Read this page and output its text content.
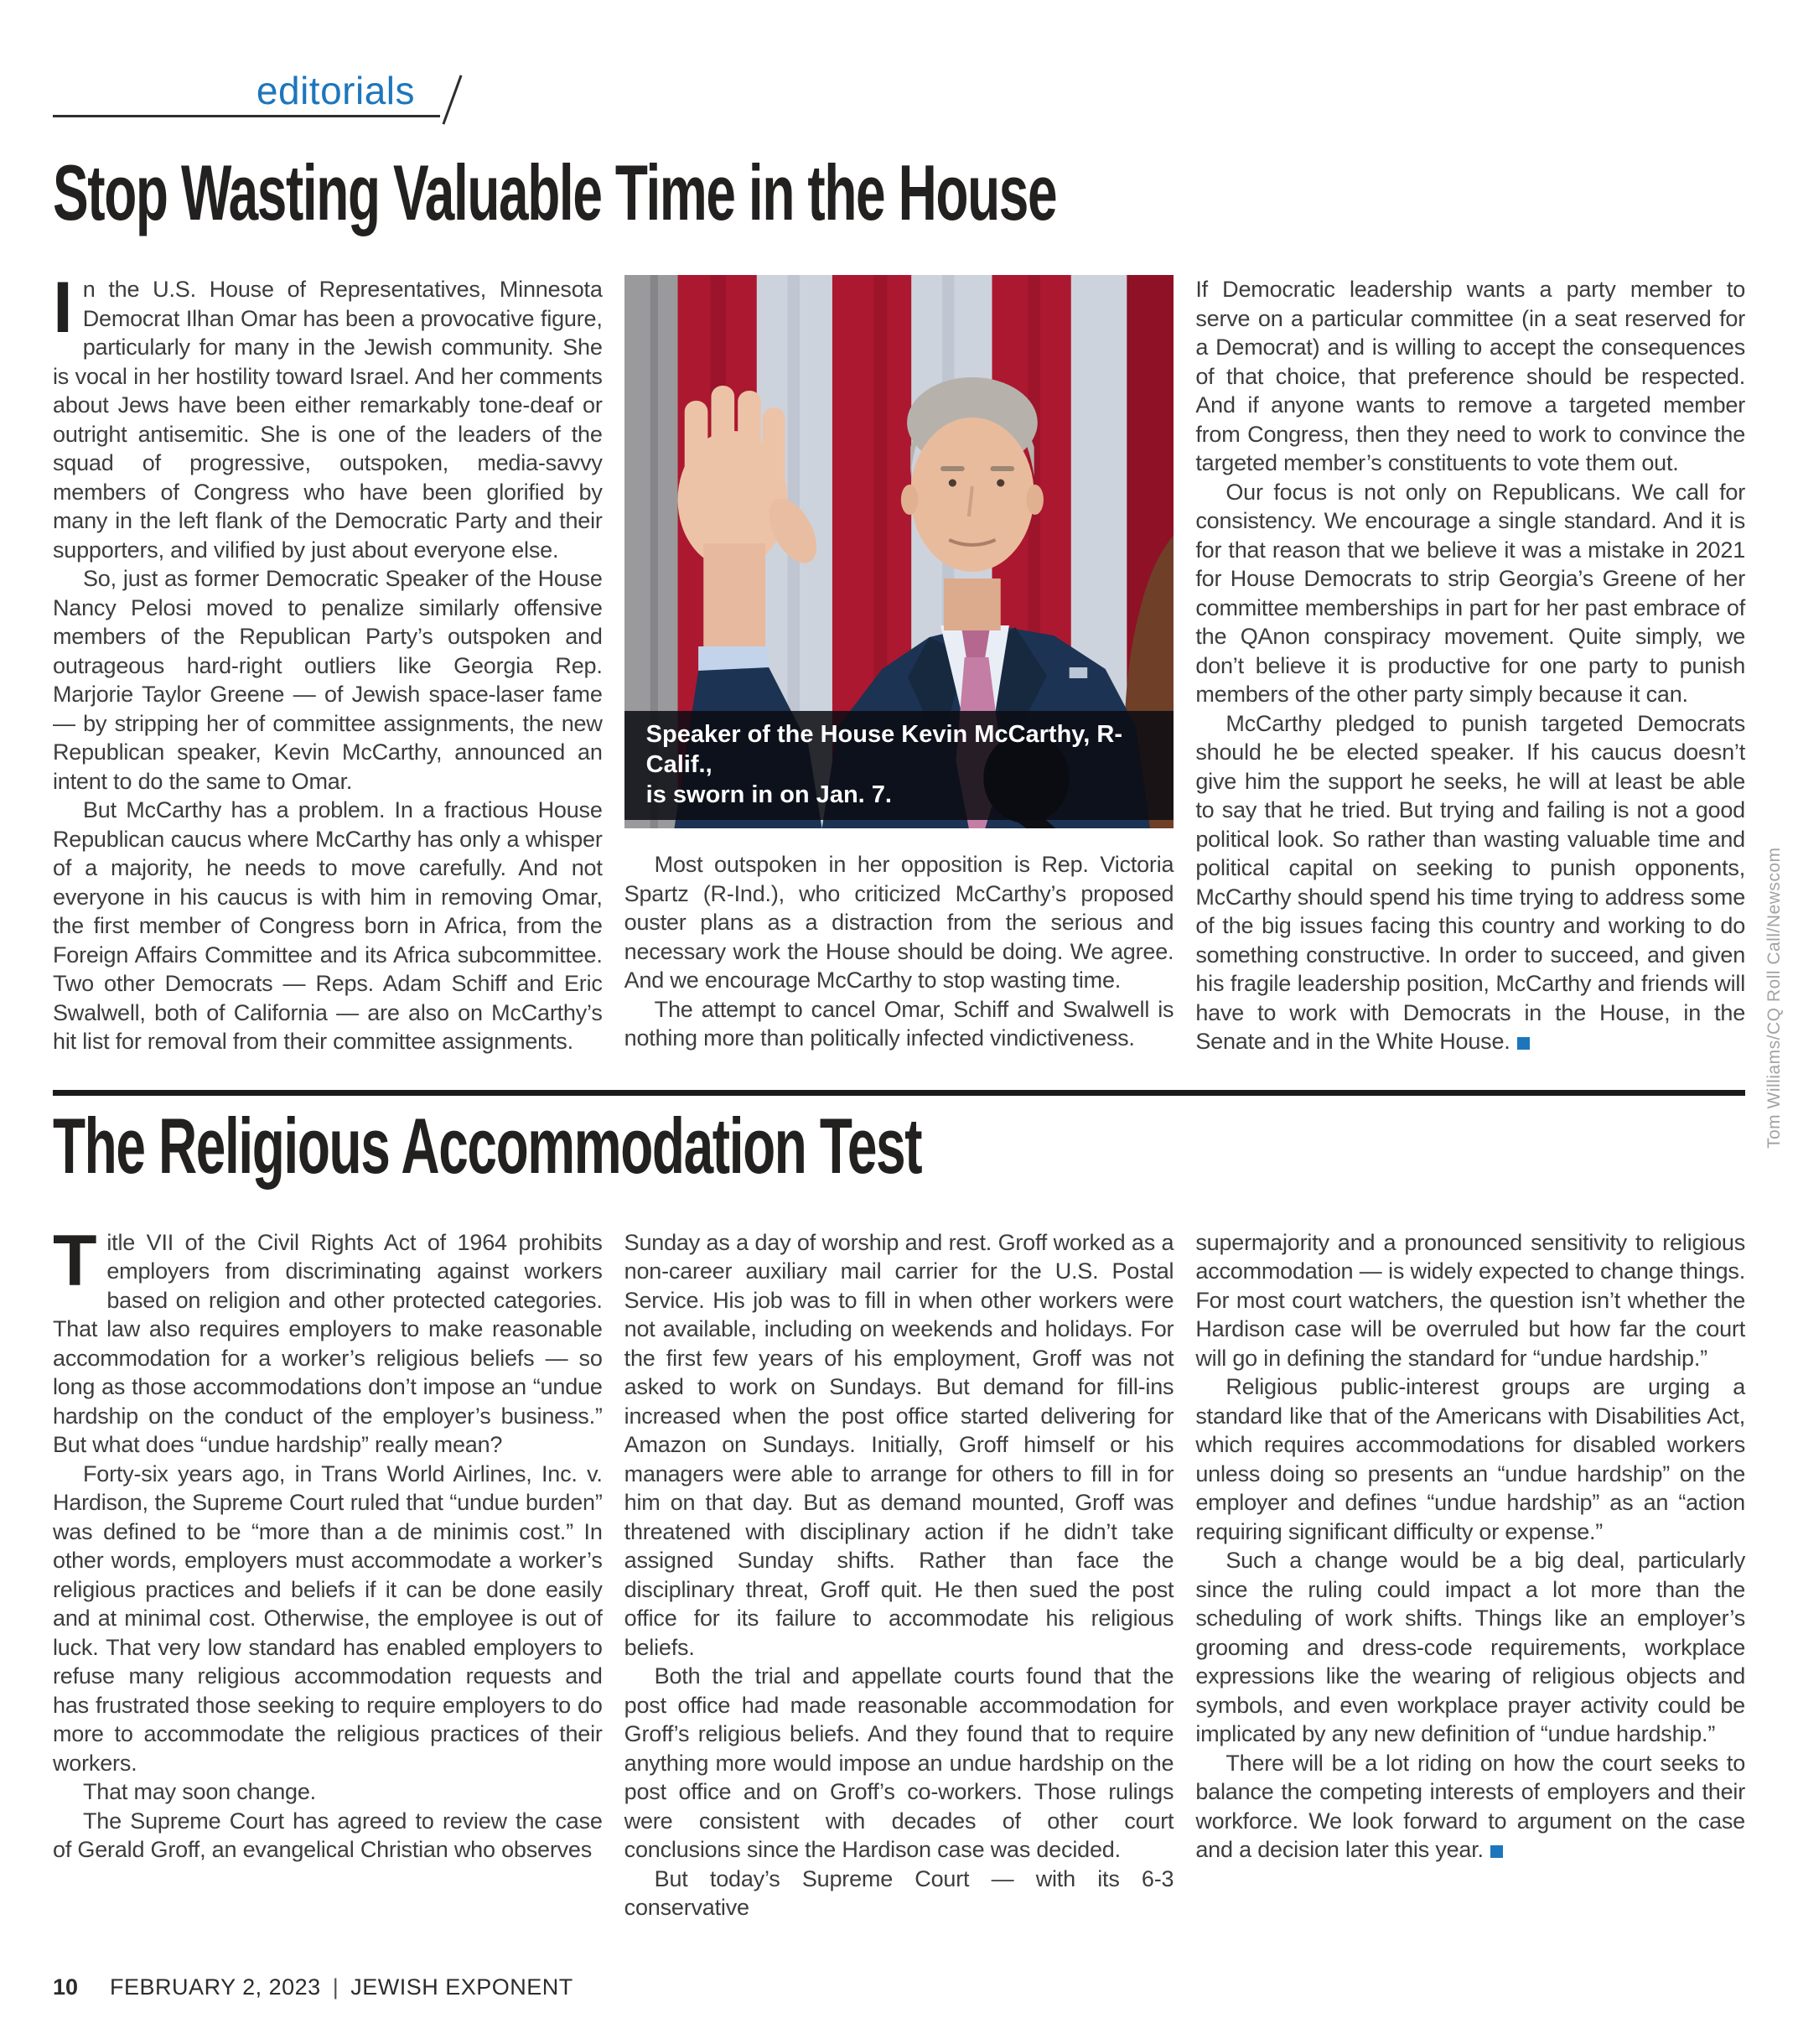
editorials
Stop Wasting Valuable Time in the House

In the U.S. House of Representatives, Minnesota Democrat Ilhan Omar has been a provocative figure, particularly for many in the Jewish community. She is vocal in her hostility toward Israel. And her comments about Jews have been either remarkably tone-deaf or outright antisemitic. She is one of the leaders of the squad of progressive, outspoken, media-savvy members of Congress who have been glorified by many in the left flank of the Democratic Party and their supporters, and vilified by just about everyone else.

So, just as former Democratic Speaker of the House Nancy Pelosi moved to penalize similarly offensive members of the Republican Party’s outspoken and outrageous hard-right outliers like Georgia Rep. Marjorie Taylor Greene — of Jewish space-laser fame — by stripping her of committee assignments, the new Republican speaker, Kevin McCarthy, announced an intent to do the same to Omar.

But McCarthy has a problem. In a fractious House Republican caucus where McCarthy has only a whisper of a majority, he needs to move carefully. And not everyone in his caucus is with him in removing Omar, the first member of Congress born in Africa, from the Foreign Affairs Committee and its Africa subcommittee. Two other Democrats — Reps. Adam Schiff and Eric Swalwell, both of California — are also on McCarthy’s hit list for removal from their committee assignments.

Speaker of the House Kevin McCarthy, R-Calif.,
is sworn in on Jan. 7.

Most outspoken in her opposition is Rep. Victoria Spartz (R-Ind.), who criticized McCarthy’s proposed ouster plans as a distraction from the serious and necessary work the House should be doing. We agree. And we encourage McCarthy to stop wasting time.

The attempt to cancel Omar, Schiff and Swalwell is nothing more than politically infected vindictiveness.

If Democratic leadership wants a party member to serve on a particular committee (in a seat reserved for a Democrat) and is willing to accept the consequences of that choice, that preference should be respected. And if anyone wants to remove a targeted member from Congress, then they need to work to convince the targeted member’s constituents to vote them out.

Our focus is not only on Republicans. We call for consistency. We encourage a single standard. And it is for that reason that we believe it was a mistake in 2021 for House Democrats to strip Georgia’s Greene of her committee memberships in part for her past embrace of the QAnon conspiracy movement. Quite simply, we don’t believe it is productive for one party to punish members of the other party simply because it can.

McCarthy pledged to punish targeted Democrats should he be elected speaker. If his caucus doesn’t give him the support he seeks, he will at least be able to say that he tried. But trying and failing is not a good political look. So rather than wasting valuable time and political capital on seeking to punish opponents, McCarthy should spend his time trying to address some of the big issues facing this country and working to do something constructive. In order to succeed, and given his fragile leadership position, McCarthy and friends will have to work with Democrats in the House, in the Senate and in the White House.

The Religious Accommodation Test

Title VII of the Civil Rights Act of 1964 prohibits employers from discriminating against workers based on religion and other protected categories. That law also requires employers to make reasonable accommodation for a worker’s religious beliefs — so long as those accommodations don’t impose an “undue hardship on the conduct of the employer’s business.” But what does “undue hardship” really mean?

Forty-six years ago, in Trans World Airlines, Inc. v. Hardison, the Supreme Court ruled that “undue burden” was defined to be “more than a de minimis cost.” In other words, employers must accommodate a worker’s religious practices and beliefs if it can be done easily and at minimal cost. Otherwise, the employee is out of luck. That very low standard has enabled employers to refuse many religious accommodation requests and has frustrated those seeking to require employers to do more to accommodate the religious practices of their workers.

That may soon change.

The Supreme Court has agreed to review the case of Gerald Groff, an evangelical Christian who observes

Sunday as a day of worship and rest. Groff worked as a non-career auxiliary mail carrier for the U.S. Postal Service. His job was to fill in when other workers were not available, including on weekends and holidays. For the first few years of his employment, Groff was not asked to work on Sundays. But demand for fill-ins increased when the post office started delivering for Amazon on Sundays. Initially, Groff himself or his managers were able to arrange for others to fill in for him on that day. But as demand mounted, Groff was threatened with disciplinary action if he didn’t take assigned Sunday shifts. Rather than face the disciplinary threat, Groff quit. He then sued the post office for its failure to accommodate his religious beliefs.

Both the trial and appellate courts found that the post office had made reasonable accommodation for Groff’s religious beliefs. And they found that to require anything more would impose an undue hardship on the post office and on Groff’s co-workers. Those rulings were consistent with decades of other court conclusions since the Hardison case was decided.

But today’s Supreme Court — with its 6-3 conservative

supermajority and a pronounced sensitivity to religious accommodation — is widely expected to change things. For most court watchers, the question isn’t whether the Hardison case will be overruled but how far the court will go in defining the standard for “undue hardship.”

Religious public-interest groups are urging a standard like that of the Americans with Disabilities Act, which requires accommodations for disabled workers unless doing so presents an “undue hardship” on the employer and defines “undue hardship” as an “action requiring significant difficulty or expense.”

Such a change would be a big deal, particularly since the ruling could impact a lot more than the scheduling of work shifts. Things like an employer’s grooming and dress-code requirements, workplace expressions like the wearing of religious objects and symbols, and even workplace prayer activity could be implicated by any new definition of “undue hardship.”

There will be a lot riding on how the court seeks to balance the competing interests of employers and their workforce. We look forward to argument on the case and a decision later this year.

Tom Williams/CQ Roll Call/Newscom
10 FEBRUARY 2, 2023 | JEWISH EXPONENT
